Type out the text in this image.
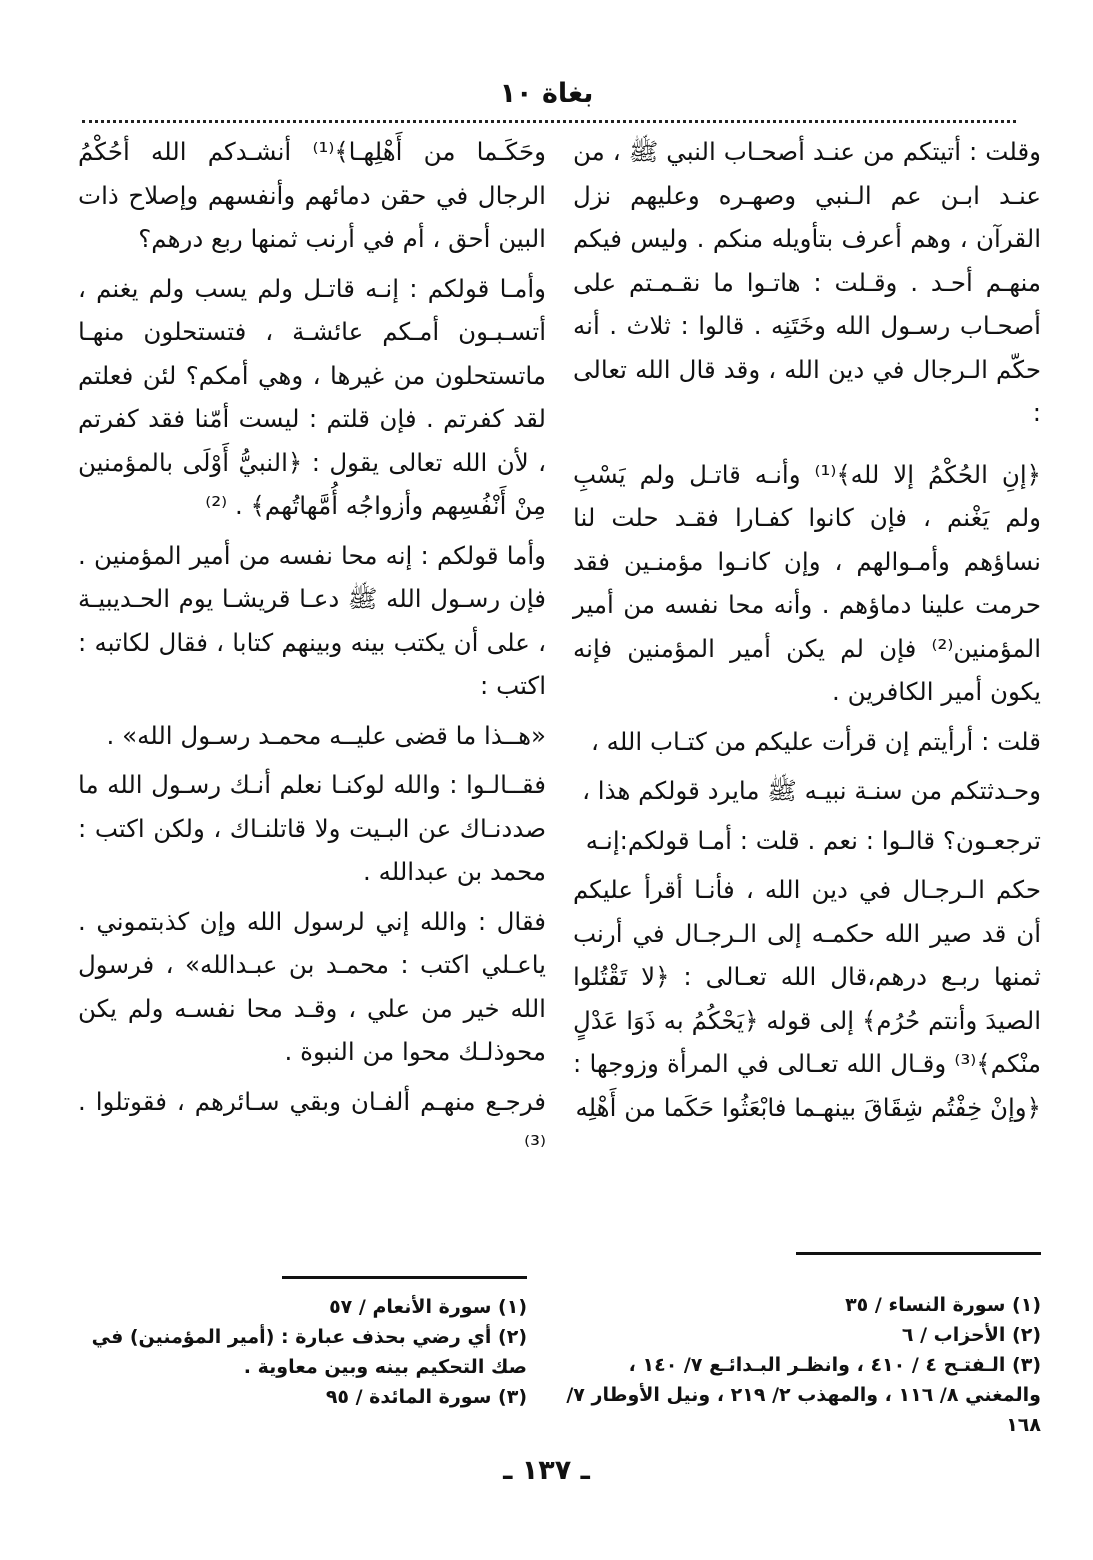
بغاة ١٠

وقلت : أتيتكم من عنـد أصحـاب النبي ﷺ ، من عنـد ابـن عم الـنبي وصهـره وعليهم نزل القرآن ، وهم أعرف بتأويله منكم . وليس فيكم منهـم أحـد . وقـلت : هاتـوا ما نقـمـتم على أصحـاب رسـول الله وخَتَنِه . قالوا : ثلاث . أنه حكّم الـرجال في دين الله ، وقد قال الله تعالى :

﴿إنِ الحُكْمُ إلا لله﴾⁽¹⁾ وأنـه قاتـل ولم يَسْبِ ولم يَغْنم ، فإن كانوا كفـارا فقـد حلت لنا نساؤهم وأمـوالهم ، وإن كانـوا مؤمنـين فقد حرمت علينا دماؤهم . وأنه محا نفسه من أمير المؤمنين⁽²⁾ فإن لم يكن أمير المؤمنين فإنه يكون أمير الكافرين .

قلت : أرأيتم إن قرأت عليكم من كتـاب الله ،

وحـدثتكم من سنـة نبيـه ﷺ مايرد قولكم هذا ،

ترجعـون؟ قالـوا : نعم . قلت : أمـا قولكم:إنـه

حكم الـرجـال في دين الله ، فأنـا أقرأ عليكم أن قد صير الله حكمـه إلى الـرجـال في أرنب ثمنها ربـع درهم،قال الله تعـالى : ﴿لا تَقْتُلوا الصيدَ وأنتم حُرُم﴾ إلى قوله ﴿يَحْكُمُ به ذَوَا عَدْلٍ منْكم﴾⁽³⁾ وقـال الله تعـالى في المرأة وزوجها : ﴿وإنْ خِفْتُم شِقَاقَ بينهـما فابْعَثُوا حَكَما من أَهْلِه

وحَكَـما من أَهْلِهـا﴾⁽¹⁾ أنشـدكم الله أحُكْمُ الرجال في حقن دمائهم وأنفسهم وإصلاح ذات البين أحق ، أم في أرنب ثمنها ربع درهم؟

وأمـا قولكم : إنـه قاتـل ولم يسب ولم يغنم ، أتسـبـون أمـكم عائشـة ، فتستحلون منهـا ماتستحلون من غيرها ، وهي أمكم؟ لئن فعلتم لقد كفرتم . فإن قلتم : ليست أمّنا فقد كفرتم ، لأن الله تعالى يقول : ﴿النبيُّ أَوْلَى بالمؤمنين مِنْ أَنْفُسِهم وأزواجُه أُمَّهاتُهم﴾ . ⁽²⁾

وأما قولكم : إنه محا نفسه من أمير المؤمنين . فإن رسـول الله ﷺ دعـا قريشـا يوم الحـديبيـة ، على أن يكتب بينه وبينهم كتابا ، فقال لكاتبه : اكتب :

«هــذا ما قضى عليــه محمـد رسـول الله» .

فقــالـوا : والله لوكنـا نعلم أنـك رسـول الله ما صددنـاك عن البـيت ولا قاتلنـاك ، ولكن اكتب : محمد بن عبدالله .

فقال : والله إني لرسول الله وإن كذبتموني . ياعـلي اكتب : محمـد بن عبـدالله» ، فرسول الله خير من علي ، وقـد محا نفسـه ولم يكن محوذلـك محوا من النبوة .

فرجـع منهـم ألفـان وبقي سـائرهم ، فقوتلوا . ⁽³⁾

(١) سورة النساء / ٣٥
(٢) الأحزاب / ٦
(٣) الـفتـح ٤ / ٤١٠ ، وانظـر البـدائـع ٧/ ١٤٠ ، والمغني ٨/ ١١٦ ، والمهذب ٢/ ٢١٩ ، ونيل الأوطار ٧/ ١٦٨
(١) سورة الأنعام / ٥٧
(٢) أي رضي بحذف عبارة : (أمير المؤمنين) في صك التحكيم بينه وبين معاوية .
(٣) سورة المائدة / ٩٥
ـ ١٣٧ ـ
